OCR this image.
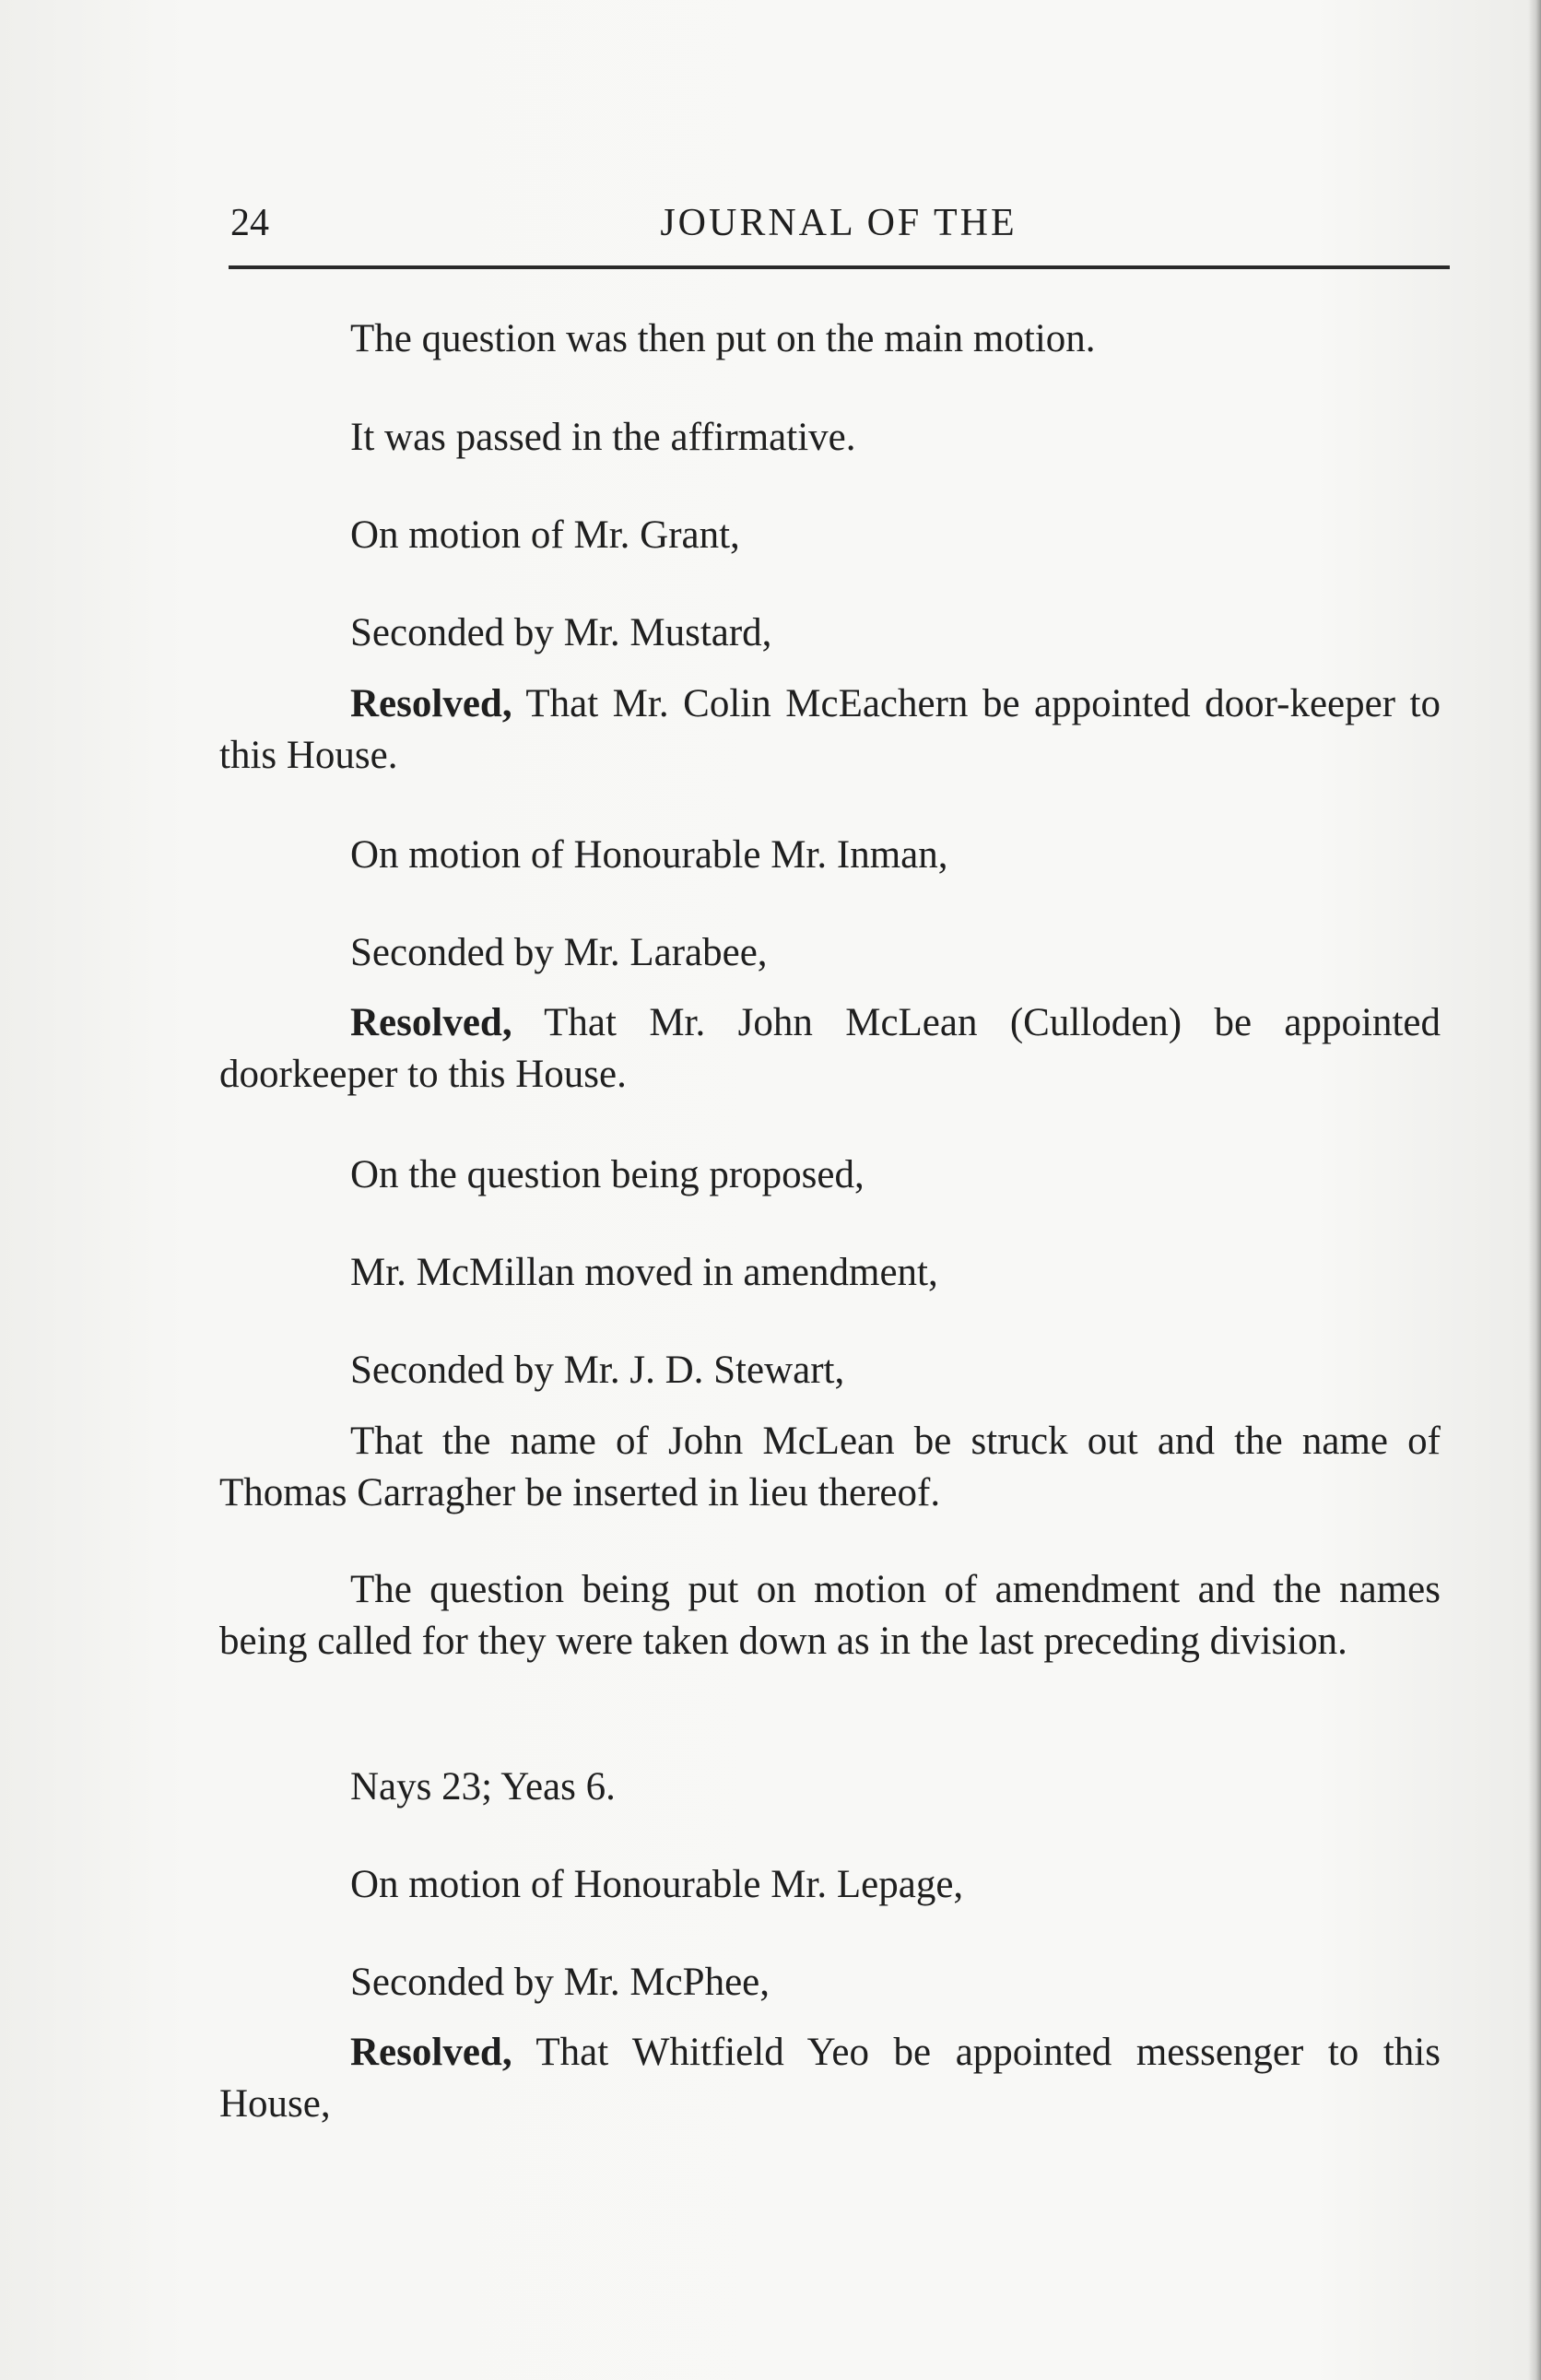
24	JOURNAL OF THE

The question was then put on the main motion.

It was passed in the affirmative.

On motion of Mr. Grant,

Seconded by Mr. Mustard,

Resolved, That Mr. Colin McEachern be appointed door-keeper to this House.

On motion of Honourable Mr. Inman,

Seconded by Mr. Larabee,

Resolved, That Mr. John McLean (Culloden) be appointed doorkeeper to this House.

On the question being proposed,

Mr. McMillan moved in amendment,

Seconded by Mr. J. D. Stewart,

That the name of John McLean be struck out and the name of Thomas Carragher be inserted in lieu thereof.

The question being put on motion of amendment and the names being called for they were taken down as in the last preceding division.

Nays 23; Yeas 6.

On motion of Honourable Mr. Lepage,

Seconded by Mr. McPhee,

Resolved, That Whitfield Yeo be appointed messenger to this House,
